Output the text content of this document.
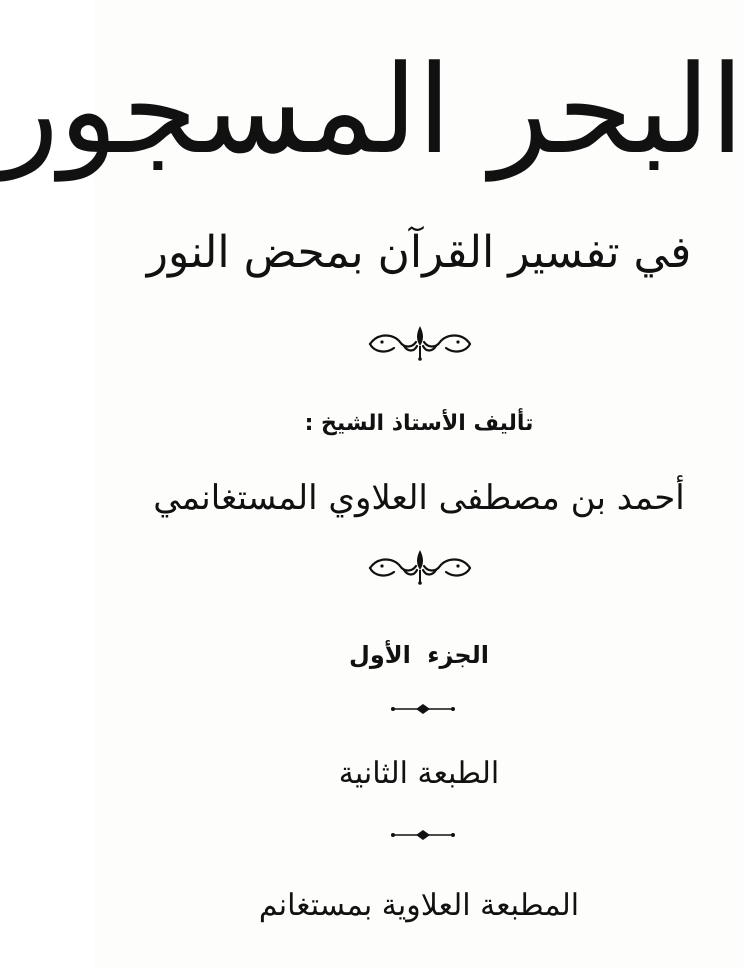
البحر المسجور
في تفسير القرآن بمحض النور
تأليف الأستاذ الشيخ :
أحمد بن مصطفى العلاوي المستغانمي
الجزء الأول
الطبعة الثانية
المطبعة العلاوية بمستغانم
